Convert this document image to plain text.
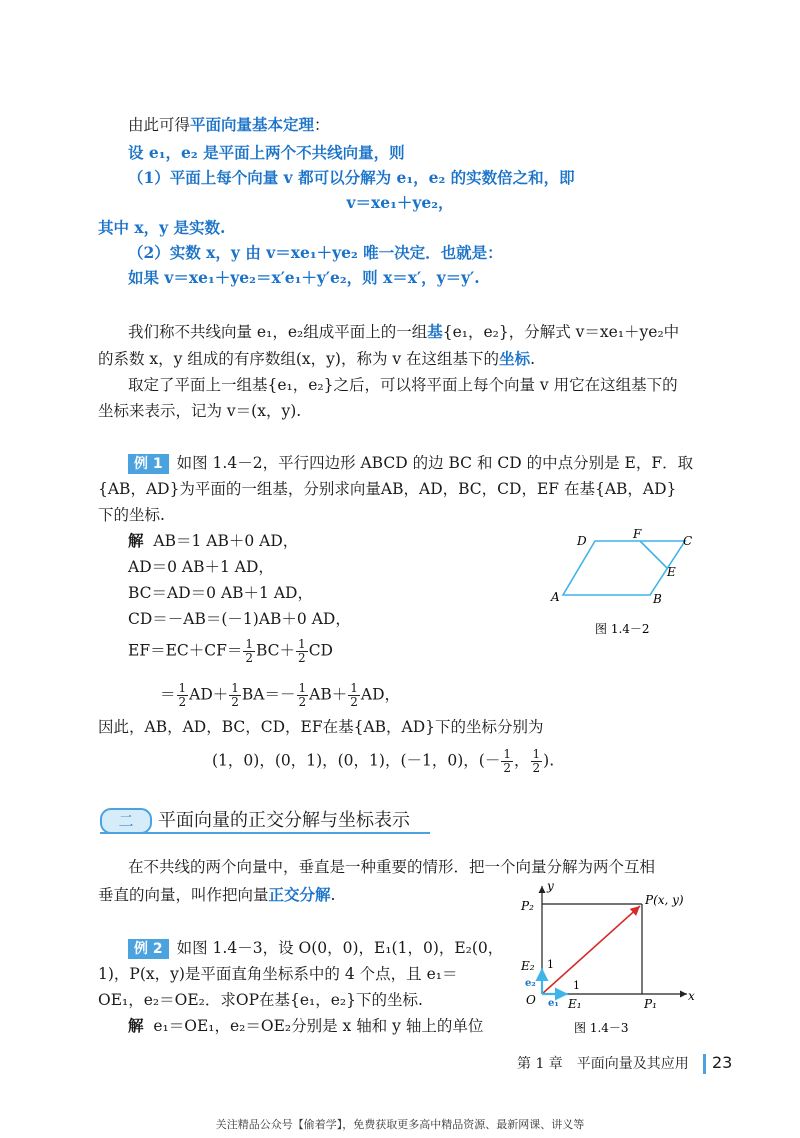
由此可得平面向量基本定理：
设 e₁，e₂ 是平面上两个不共线向量，则
（1）平面上每个向量 v 都可以分解为 e₁，e₂ 的实数倍之和，即
v＝xe₁＋ye₂，
其中 x，y 是实数.
（2）实数 x，y 由 v＝xe₁＋ye₂ 唯一决定．也就是：
如果 v＝xe₁＋ye₂＝x′e₁＋y′e₂，则 x＝x′，y＝y′.
我们称不共线向量 e₁，e₂组成平面上的一组基{e₁，e₂}，分解式 v＝xe₁＋ye₂中
的系数 x，y 组成的有序数组(x，y)，称为 v 在这组基下的坐标.
取定了平面上一组基{e₁，e₂}之后，可以将平面上每个向量 v 用它在这组基下的
坐标来表示，记为 v＝(x，y).
例 1 如图 1.4－2，平行四边形 ABCD 的边 BC 和 CD 的中点分别是 E，F．取
{AB，AD}为平面的一组基，分别求向量AB，AD，BC，CD，EF 在基{AB，AD}
下的坐标.
解 AB＝1 AB＋0 AD，
AD＝0 AB＋1 AD，
BC＝AD＝0 AB＋1 AD，
CD＝－AB＝(－1)AB＋0 AD，
$EF=EC+CF= \frac{1}{2} BC+ \frac{1}{2}$ CD
＝ $\frac{1}{2} AD+ \frac{1}{2} BA=- \frac{1}{2} AB+ \frac{1}{2}$ AD，
因此，AB，AD，BC，CD，EF在基{AB，AD}下的坐标分别为
(1，0)，(0，1)，(0，1)，(－1，0)，(－ $\frac{1}{2}$ ， $\frac{1}{2}$ ).
A	B
C
D
E
F
图 1.4－2
二	平面向量的正交分解与坐标表示
在不共线的两个向量中，垂直是一种重要的情形．把一个向量分解为两个互相
垂直的向量，叫作把向量正交分解.
例 2 如图 1.4－3，设 O(0，0)，E₁(1，0)，E₂(0，
1)，P(x，y)是平面直角坐标系中的 4 个点，且 e₁＝
OE₁，e₂＝OE₂．求OP在基{e₁，e₂}下的坐标.
解 e₁＝OE₁，e₂＝OE₂分别是 x 轴和 y 轴上的单位
y
x
O
P(x, y)
P₁
P₂
E₁
E₂
1
1
e₁
e₂
图 1.4－3
第 1 章　平面向量及其应用 23
关注精品公众号【偷着学】，免费获取更多高中精品资源、最新网课、讲义等
